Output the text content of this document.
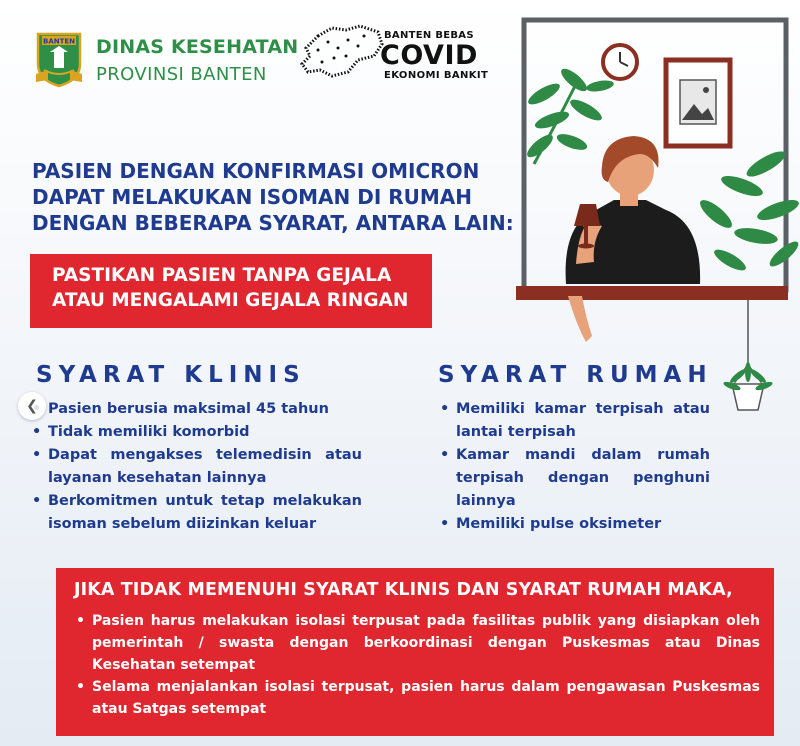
BANTEN DINAS KESEHATAN
PROVINSI BANTEN
BANTEN BEBAS
COVID
EKONOMI BANKIT
PASIEN DENGAN KONFIRMASI OMICRON
DAPAT MELAKUKAN ISOMAN DI RUMAH
DENGAN BEBERAPA SYARAT, ANTARA LAIN:
PASTIKAN PASIEN TANPA GEJALA
ATAU MENGALAMI GEJALA RINGAN
SYARAT KLINIS
• Pasien berusia maksimal 45 tahun
• Tidak memiliki komorbid
• Dapat mengakses telemedisin atau layanan kesehatan lainnya
• Berkomitmen untuk tetap melakukan isoman sebelum diizinkan keluar
SYARAT RUMAH
• Memiliki kamar terpisah atau lantai terpisah
• Kamar mandi dalam rumah terpisah dengan penghuni lainnya
• Memiliki pulse oksimeter
JIKA TIDAK MEMENUHI SYARAT KLINIS DAN SYARAT RUMAH MAKA,
• Pasien harus melakukan isolasi terpusat pada fasilitas publik yang disiapkan oleh pemerintah / swasta dengan berkoordinasi dengan Puskesmas atau Dinas Kesehatan setempat
• Selama menjalankan isolasi terpusat, pasien harus dalam pengawasan Puskesmas atau Satgas setempat
❮
